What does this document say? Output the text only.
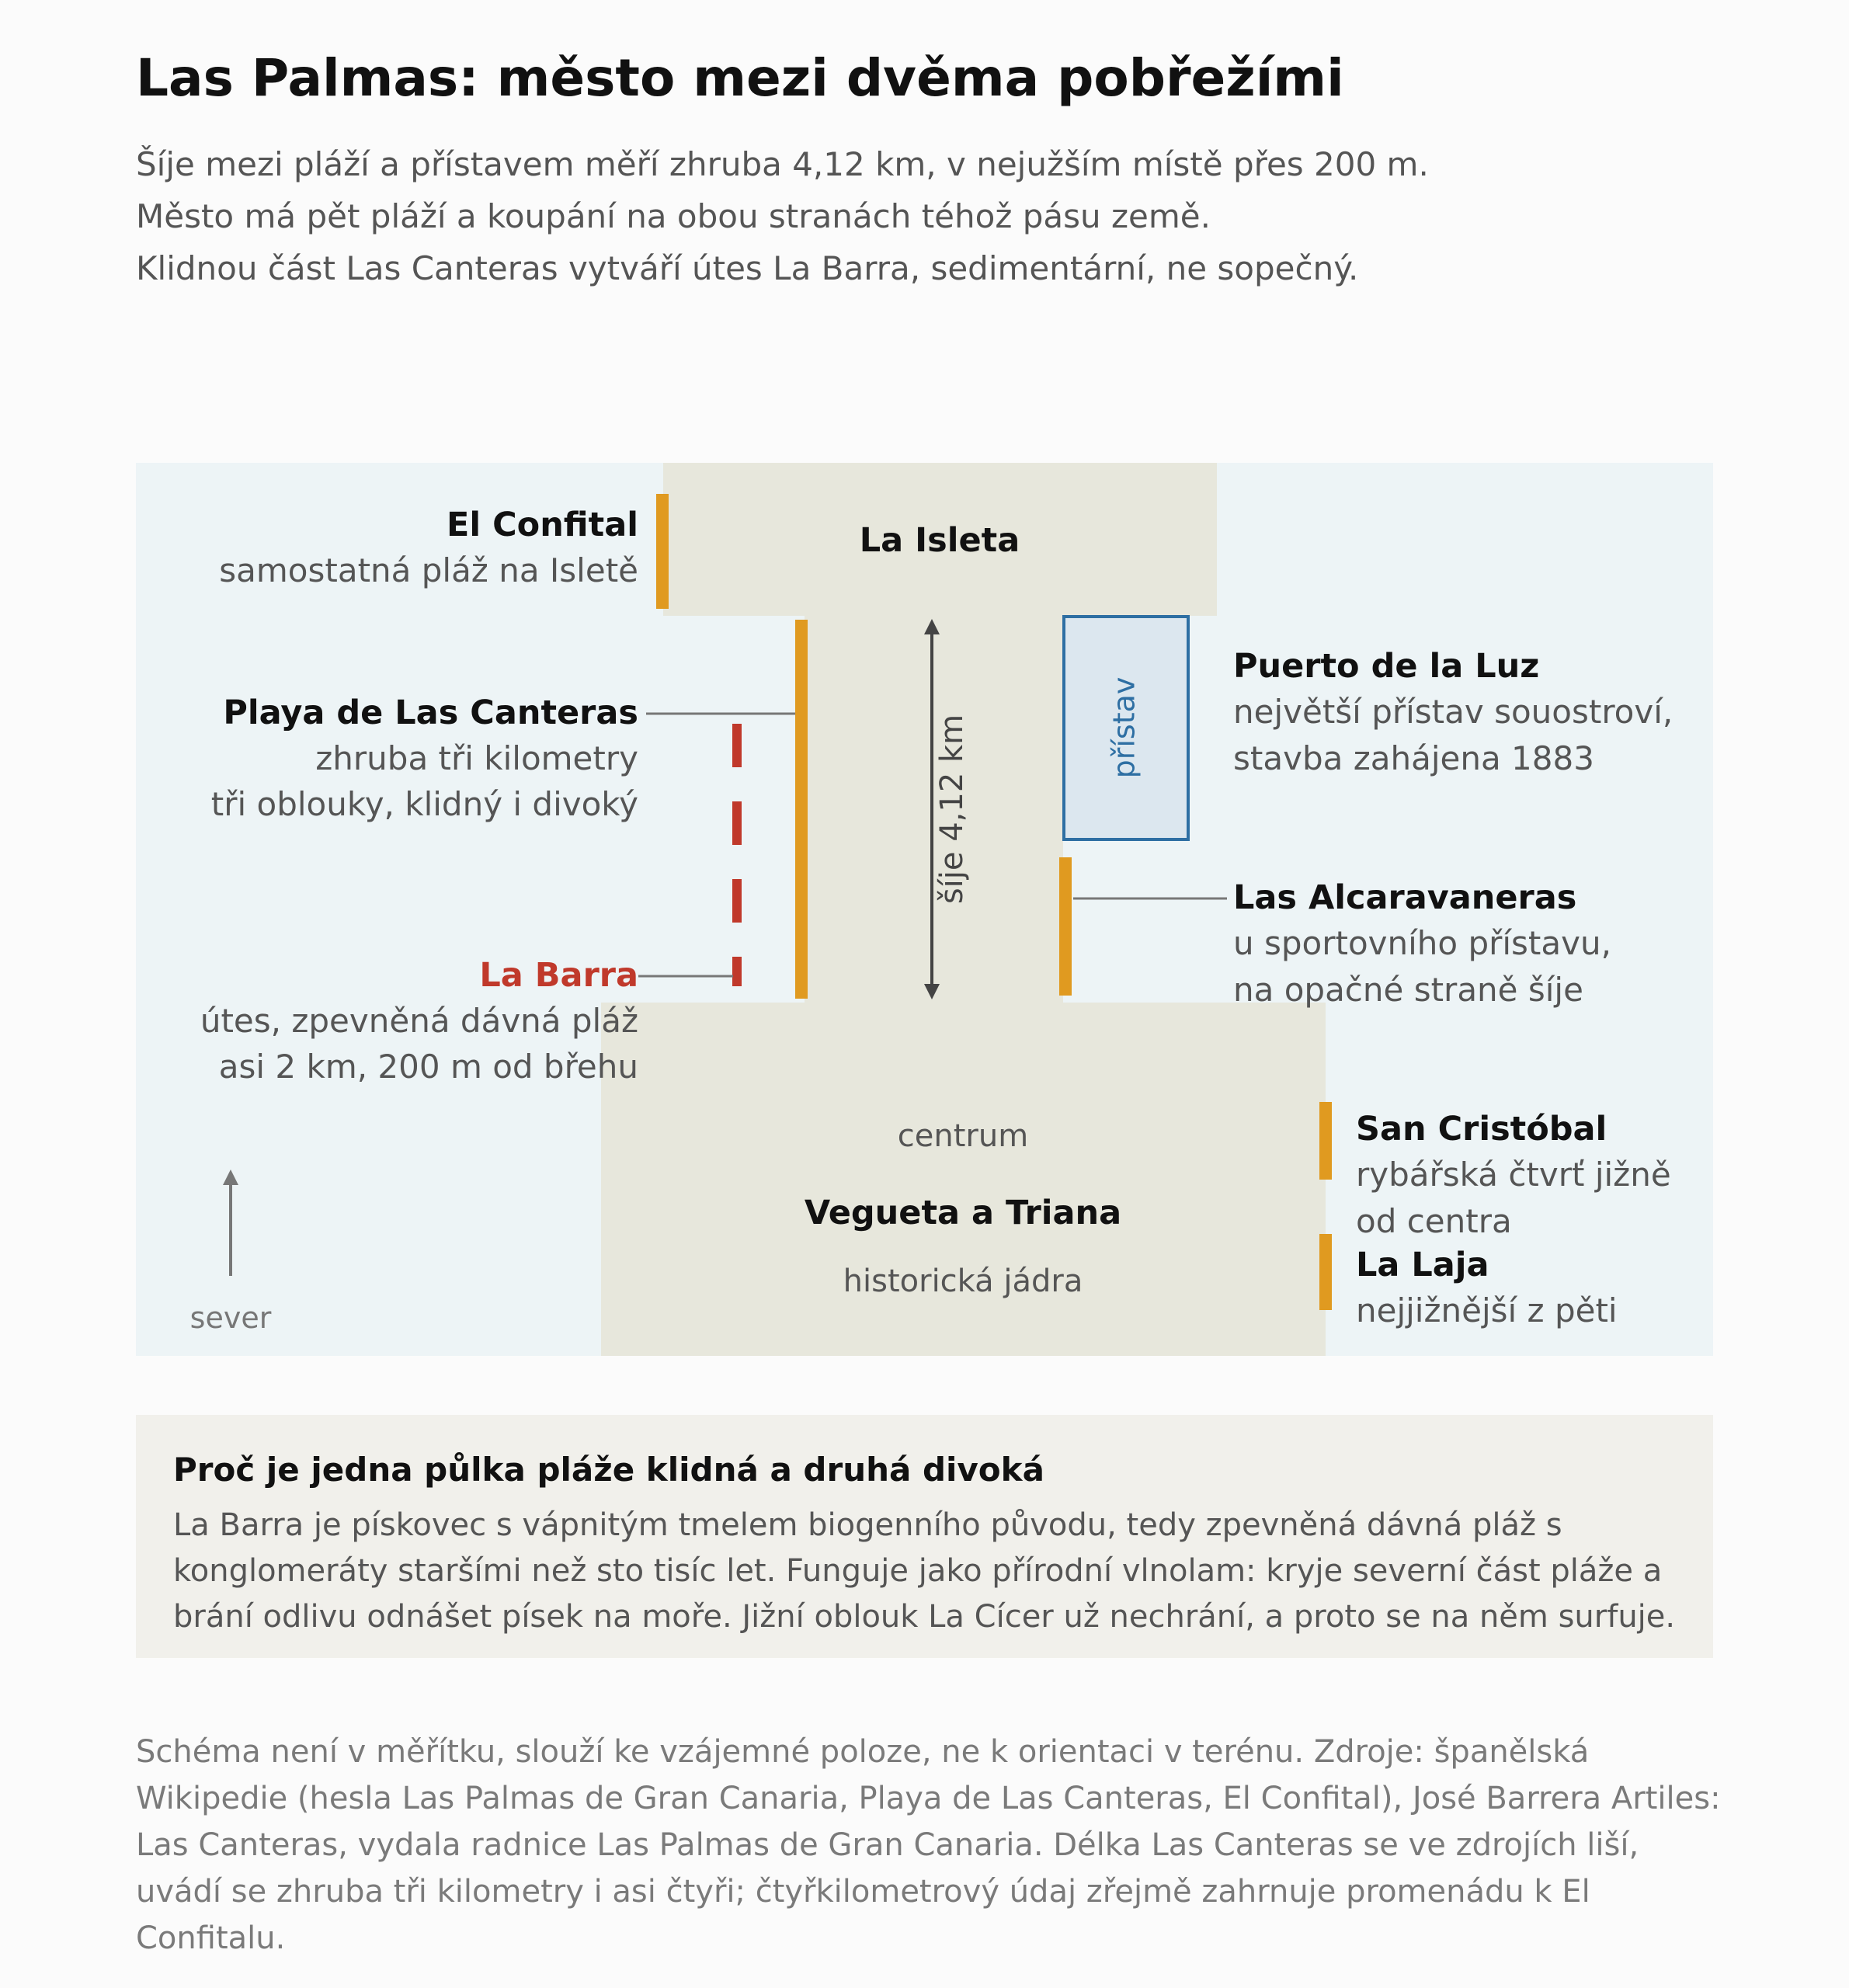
Las Palmas: město mezi dvěma pobřežími
Šíje mezi pláží a přístavem měří zhruba 4,12 km, v nejužším místě přes 200 m.
Město má pět pláží a koupání na obou stranách téhož pásu země.
Klidnou část Las Canteras vytváří útes La Barra, sedimentární, ne sopečný.
přístav
šíje 4,12 km
sever
La Isleta
El Confital
samostatná pláž na Isletě
Playa de Las Canteras
zhruba tři kilometry
tři oblouky, klidný i divoký
La Barra
útes, zpevněná dávná pláž
asi 2 km, 200 m od břehu
Puerto de la Luz
největší přístav souostroví,
stavba zahájena 1883
Las Alcaravaneras
u sportovního přístavu,
na opačné straně šíje
centrum
Vegueta a Triana
historická jádra
San Cristóbal
rybářská čtvrť jižně
od centra
La Laja
nejjižnější z pěti
Proč je jedna půlka pláže klidná a druhá divoká
La Barra je pískovec s vápnitým tmelem biogenního původu, tedy zpevněná dávná pláž s
konglomeráty staršími než sto tisíc let. Funguje jako přírodní vlnolam: kryje severní část pláže a
brání odlivu odnášet písek na moře. Jižní oblouk La Cícer už nechrání, a proto se na něm surfuje.
Schéma není v měřítku, slouží ke vzájemné poloze, ne k orientaci v terénu. Zdroje: španělská
Wikipedie (hesla Las Palmas de Gran Canaria, Playa de Las Canteras, El Confital), José Barrera Artiles:
Las Canteras, vydala radnice Las Palmas de Gran Canaria. Délka Las Canteras se ve zdrojích liší,
uvádí se zhruba tři kilometry i asi čtyři; čtyřkilometrový údaj zřejmě zahrnuje promenádu k El
Confitalu.
